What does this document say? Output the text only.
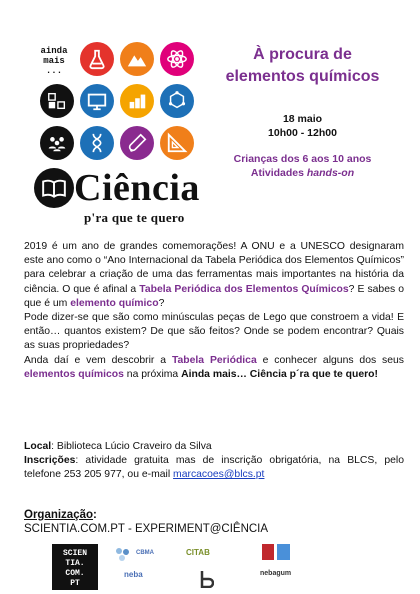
ainda
mais
...
Ciência
p'ra que te quero
À procura de
elementos químicos
18 maio
10h00 - 12h00
Crianças dos 6 aos 10 anos
Atividades hands-on

2019 é um ano de grandes comemorações! A ONU e a UNESCO designaram este ano como o “Ano Internacional da Tabela Periódica dos Elementos Químicos” para celebrar a criação de uma das ferramentas mais importantes na história da ciência. O que é afinal a Tabela Periódica dos Elementos Químicos? E sabes o que é um elemento químico?

Pode dizer-se que são como minúsculas peças de Lego que constroem a vida! E então… quantos existem? De que são feitos? Onde se podem encontrar? Quais as suas propriedades?

Anda daí e vem descobrir a Tabela Periódica e conhecer alguns dos seus elementos químicos na próxima Ainda mais… Ciência p´ra que te quero!

Local: Biblioteca Lúcio Craveiro da Silva

Inscrições: atividade gratuita mas de inscrição obrigatória, na BLCS, pelo telefone 253 205 977, ou e-mail marcacoes@blcs.pt

Organização:
SCIENTIA.COM.PT - EXPERIMENT@CIÊNCIA
SCIEN
TIA.
COM.
PT
CBMA	CITAB
neba	nebagum
